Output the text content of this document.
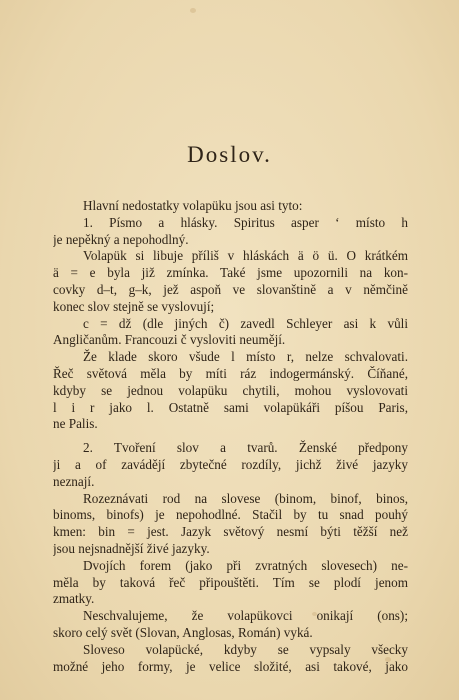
Doslov.
Hlavní nedostatky volapüku jsou asi tyto:
1. Písmo a hlásky. Spiritus asper ‘ místo h
je nepěkný a nepohodlný.
Volapük si libuje příliš v hláskách ä ö ü. O krátkém
ä = e byla již zmínka. Také jsme upozornili na kon-
covky d–t, g–k, jež aspoň ve slovanštině a v němčině
konec slov stejně se vyslovují;
c = dž (dle jiných č) zavedl Schleyer asi k vůli
Angličanům. Francouzi č vysloviti neumějí.
Že klade skoro všude l místo r, nelze schvalovati.
Řeč světová měla by míti ráz indogermánský. Číňané,
kdyby se jednou volapüku chytili, mohou vyslovovati
l i r jako l. Ostatně sami volapükáři píšou Paris,
ne Palis.
2. Tvoření slov a tvarů. Ženské předpony
ji a of zavádějí zbytečné rozdíly, jichž živé jazyky
neznají.
Rozeznávati rod na slovese (binom, binof, binos,
binoms, binofs) je nepohodlné. Stačil by tu snad pouhý
kmen: bin = jest. Jazyk světový nesmí býti těžší než
jsou nejsnadnější živé jazyky.
Dvojích forem (jako při zvratných slovesech) ne-
měla by taková řeč připouštěti. Tím se plodí jenom
zmatky.
Neschvalujeme, že volapükovci onikají (ons);
skoro celý svět (Slovan, Anglosas, Román) vyká.
Sloveso volapücké, kdyby se vypsaly všecky
možné jeho formy, je velice složité, asi takové, jako
